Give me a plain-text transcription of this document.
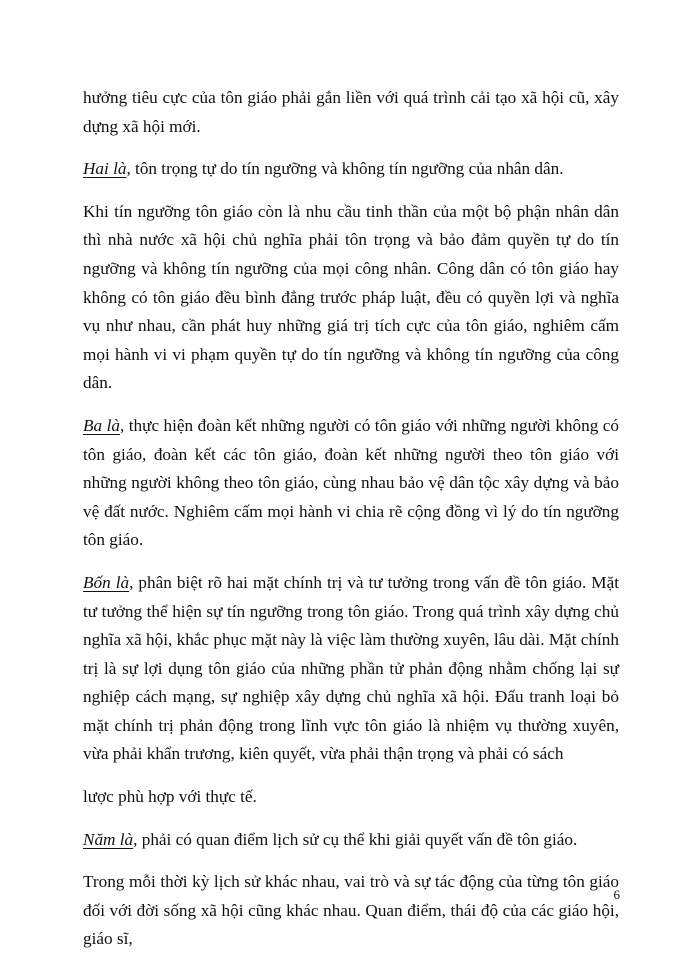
hưởng tiêu cực của tôn giáo phải gắn liền với quá trình cải tạo xã hội cũ, xây dựng xã hội mới.

Hai là, tôn trọng tự do tín ngưỡng và không tín ngưỡng của nhân dân.

Khi tín ngưỡng tôn giáo còn là nhu cầu tinh thần của một bộ phận nhân dân thì nhà nước xã hội chủ nghĩa phải tôn trọng và bảo đảm quyền tự do tín ngưỡng và không tín ngưỡng của mọi công nhân. Công dân có tôn giáo hay không có tôn giáo đều bình đẳng trước pháp luật, đều có quyền lợi và nghĩa vụ như nhau, cần phát huy những giá trị tích cực của tôn giáo, nghiêm cấm mọi hành vi vi phạm quyền tự do tín ngưỡng và không tín ngưỡng của công dân.

Ba là, thực hiện đoàn kết những người có tôn giáo với những người không có tôn giáo, đoàn kết các tôn giáo, đoàn kết những người theo tôn giáo với những người không theo tôn giáo, cùng nhau bảo vệ dân tộc xây dựng và bảo vệ đất nước. Nghiêm cấm mọi hành vi chia rẽ cộng đồng vì lý do tín ngưỡng tôn giáo.

Bốn là, phân biệt rõ hai mặt chính trị và tư tưởng trong vấn đề tôn giáo. Mặt tư tưởng thể hiện sự tín ngưỡng trong tôn giáo. Trong quá trình xây dựng chủ nghĩa xã hội, khắc phục mặt này là việc làm thường xuyên, lâu dài. Mặt chính trị là sự lợi dụng tôn giáo của những phần tử phản động nhằm chống lại sự nghiệp cách mạng, sự nghiệp xây dựng chủ nghĩa xã hội. Đấu tranh loại bỏ mặt chính trị phản động trong lĩnh vực tôn giáo là nhiệm vụ thường xuyên, vừa phải khẩn trương, kiên quyết, vừa phải thận trọng và phải có sách

lược phù hợp với thực tế.

Năm là, phải có quan điểm lịch sử cụ thể khi giải quyết vấn đề tôn giáo.

Trong mỗi thời kỳ lịch sử khác nhau, vai trò và sự tác động của từng tôn giáo đối với đời sống xã hội cũng khác nhau. Quan điểm, thái độ của các giáo hội, giáo sĩ,

6
